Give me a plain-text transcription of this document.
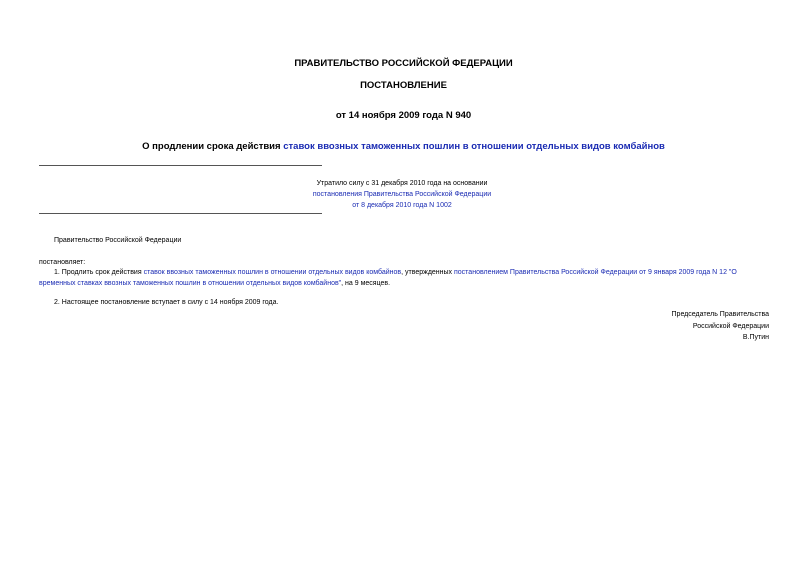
ПРАВИТЕЛЬСТВО РОССИЙСКОЙ ФЕДЕРАЦИИ
ПОСТАНОВЛЕНИЕ
от 14 ноября 2009 года N 940
О продлении срока действия ставок ввозных таможенных пошлин в отношении отдельных видов комбайнов
Утратило силу с 31 декабря 2010 года на основании
постановления Правительства Российской Федерации
от 8 декабря 2010 года N 1002
Правительство Российской Федерации
постановляет:
1. Продлить срок действия ставок ввозных таможенных пошлин в отношении отдельных видов комбайнов, утвержденных постановлением Правительства Российской Федерации от 9 января 2009 года N 12 "О временных ставках ввозных таможенных пошлин в отношении отдельных видов комбайнов", на 9 месяцев.
2. Настоящее постановление вступает в силу с 14 ноября 2009 года.
Председатель Правительства
Российской Федерации
В.Путин
